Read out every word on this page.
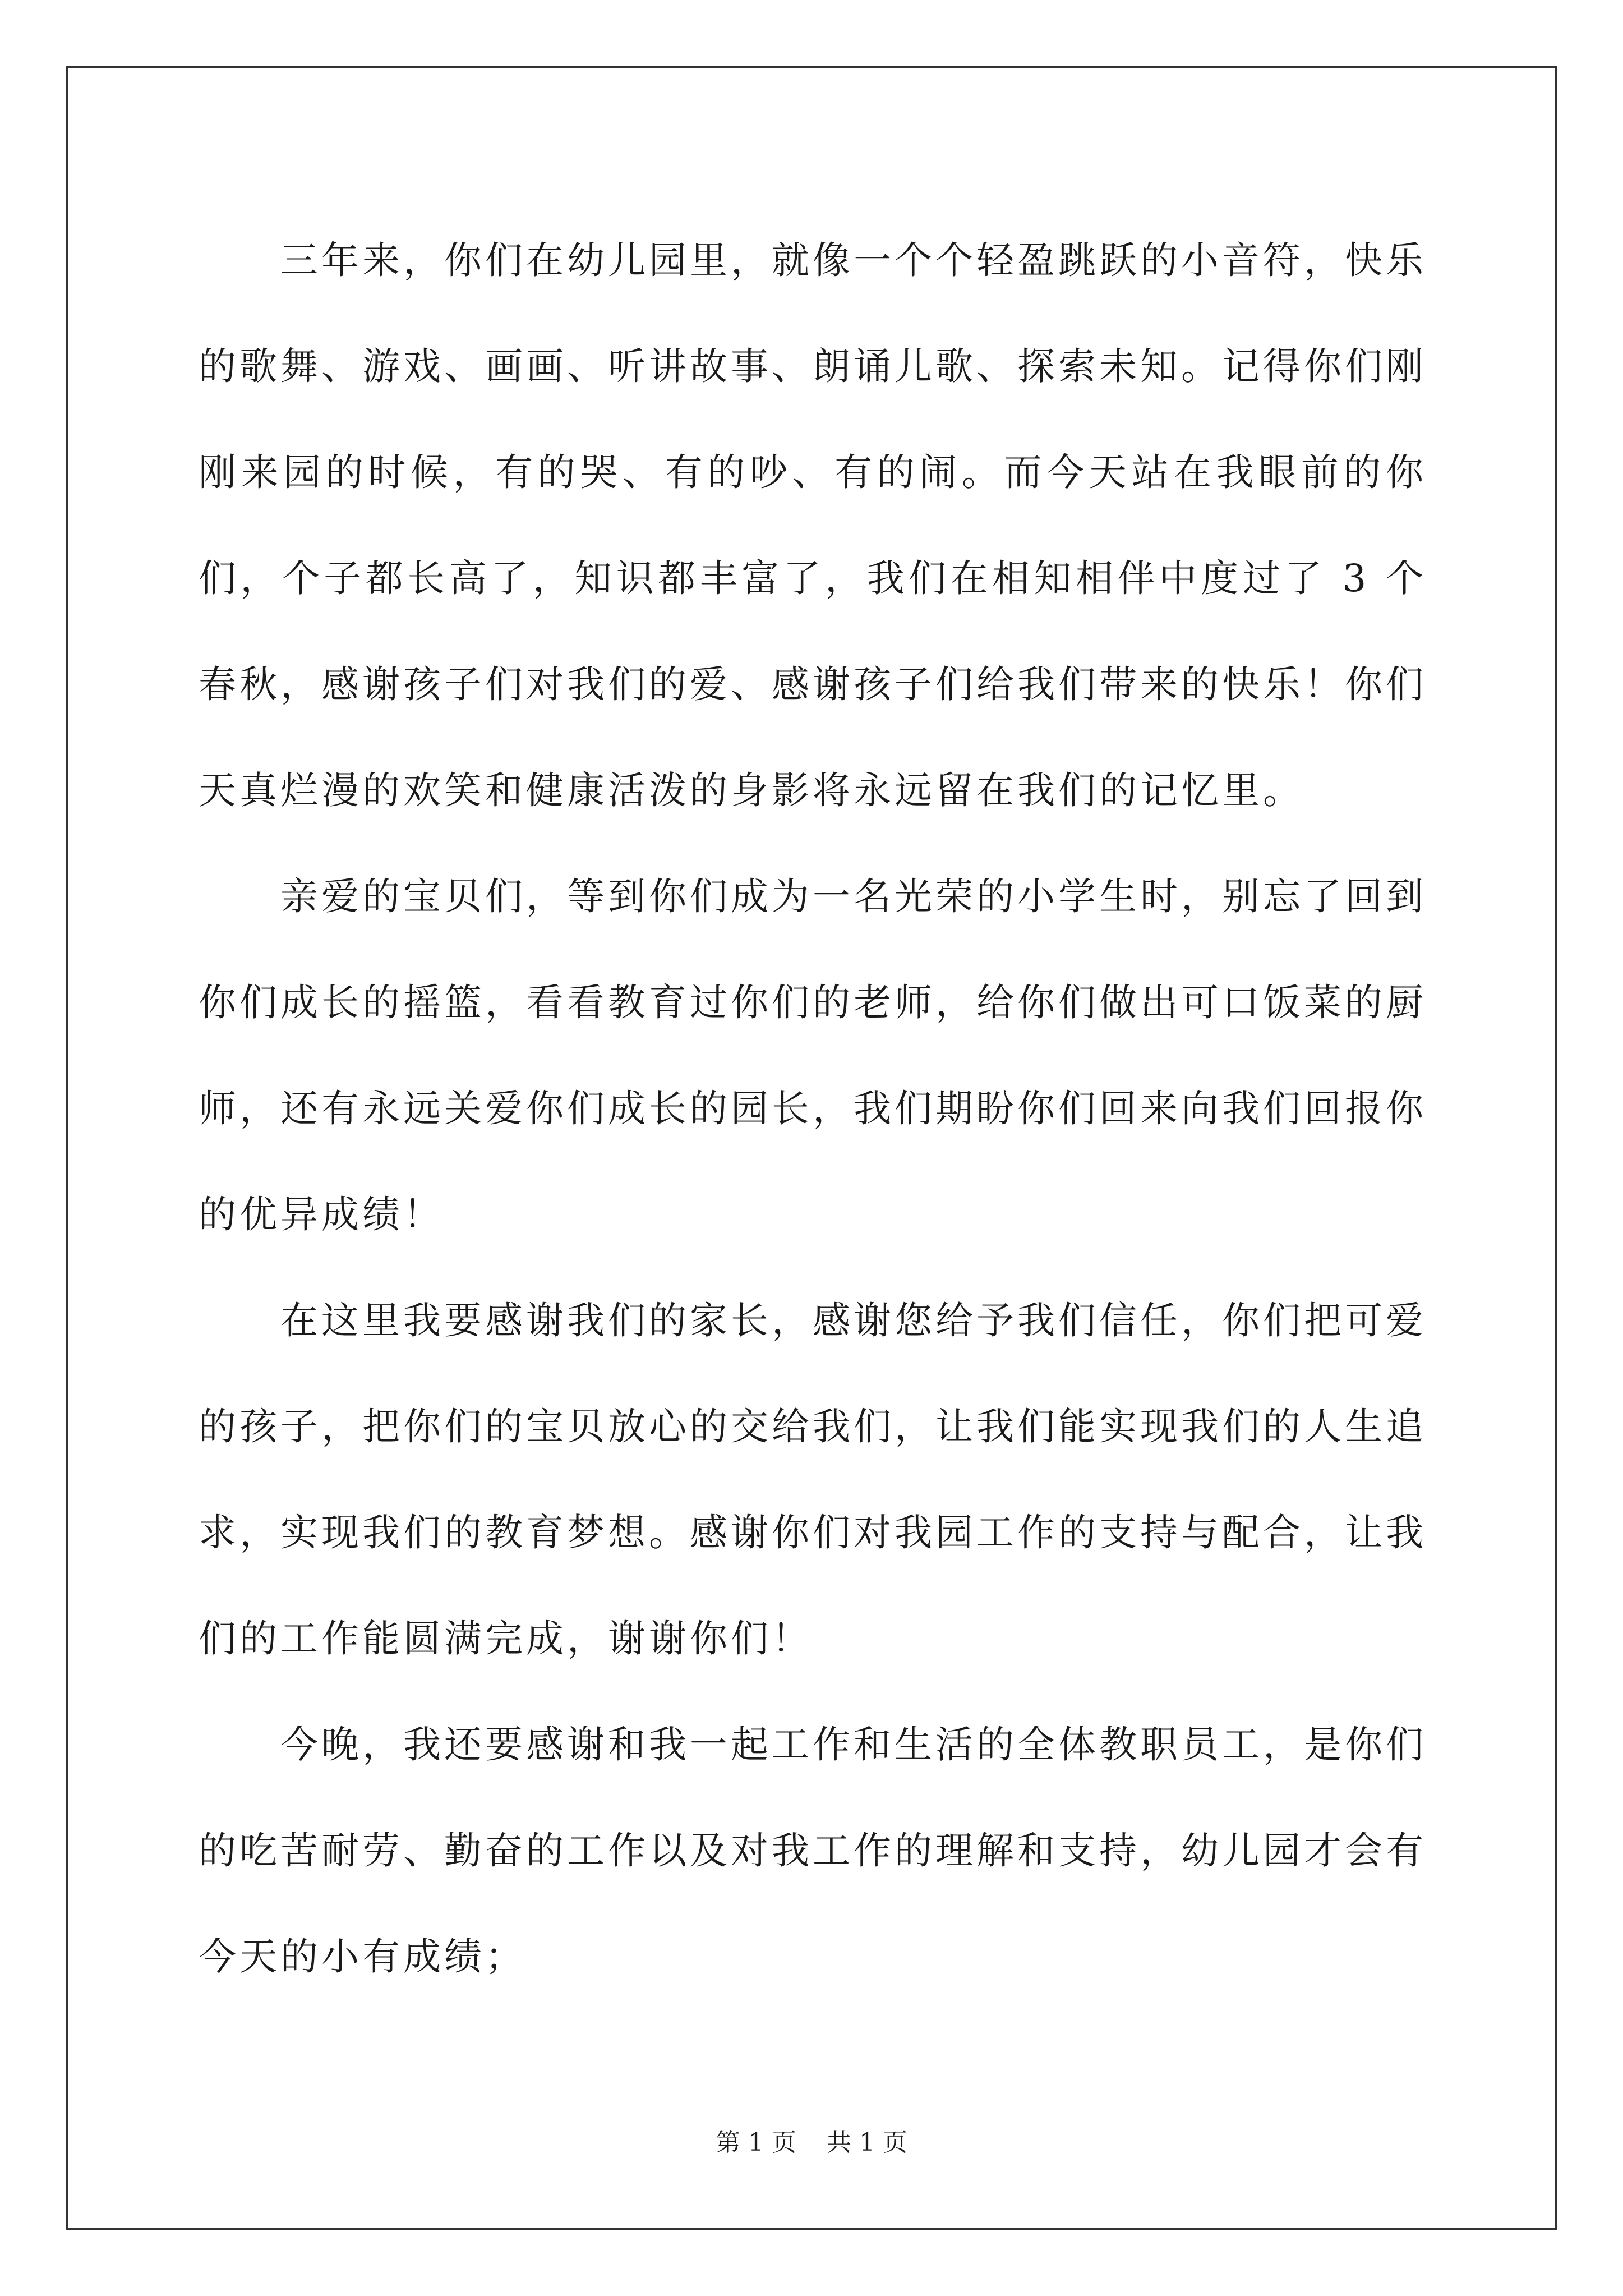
三年来，你们在幼儿园里，就像一个个轻盈跳跃的小音符，快乐的歌舞、游戏、画画、听讲故事、朗诵儿歌、探索未知。记得你们刚刚来园的时候，有的哭、有的吵、有的闹。而今天站在我眼前的你们，个子都长高了，知识都丰富了，我们在相知相伴中度过了 3 个春秋，感谢孩子们对我们的爱、感谢孩子们给我们带来的快乐！你们天真烂漫的欢笑和健康活泼的身影将永远留在我们的记忆里。

亲爱的宝贝们，等到你们成为一名光荣的小学生时，别忘了回到你们成长的摇篮，看看教育过你们的老师，给你们做出可口饭菜的厨师，还有永远关爱你们成长的园长，我们期盼你们回来向我们回报你的优异成绩！

在这里我要感谢我们的家长，感谢您给予我们信任，你们把可爱的孩子，把你们的宝贝放心的交给我们，让我们能实现我们的人生追求，实现我们的教育梦想。感谢你们对我园工作的支持与配合，让我们的工作能圆满完成，谢谢你们！

今晚，我还要感谢和我一起工作和生活的全体教职员工，是你们的吃苦耐劳、勤奋的工作以及对我工作的理解和支持，幼儿园才会有今天的小有成绩；

第 1 页 共 1 页
